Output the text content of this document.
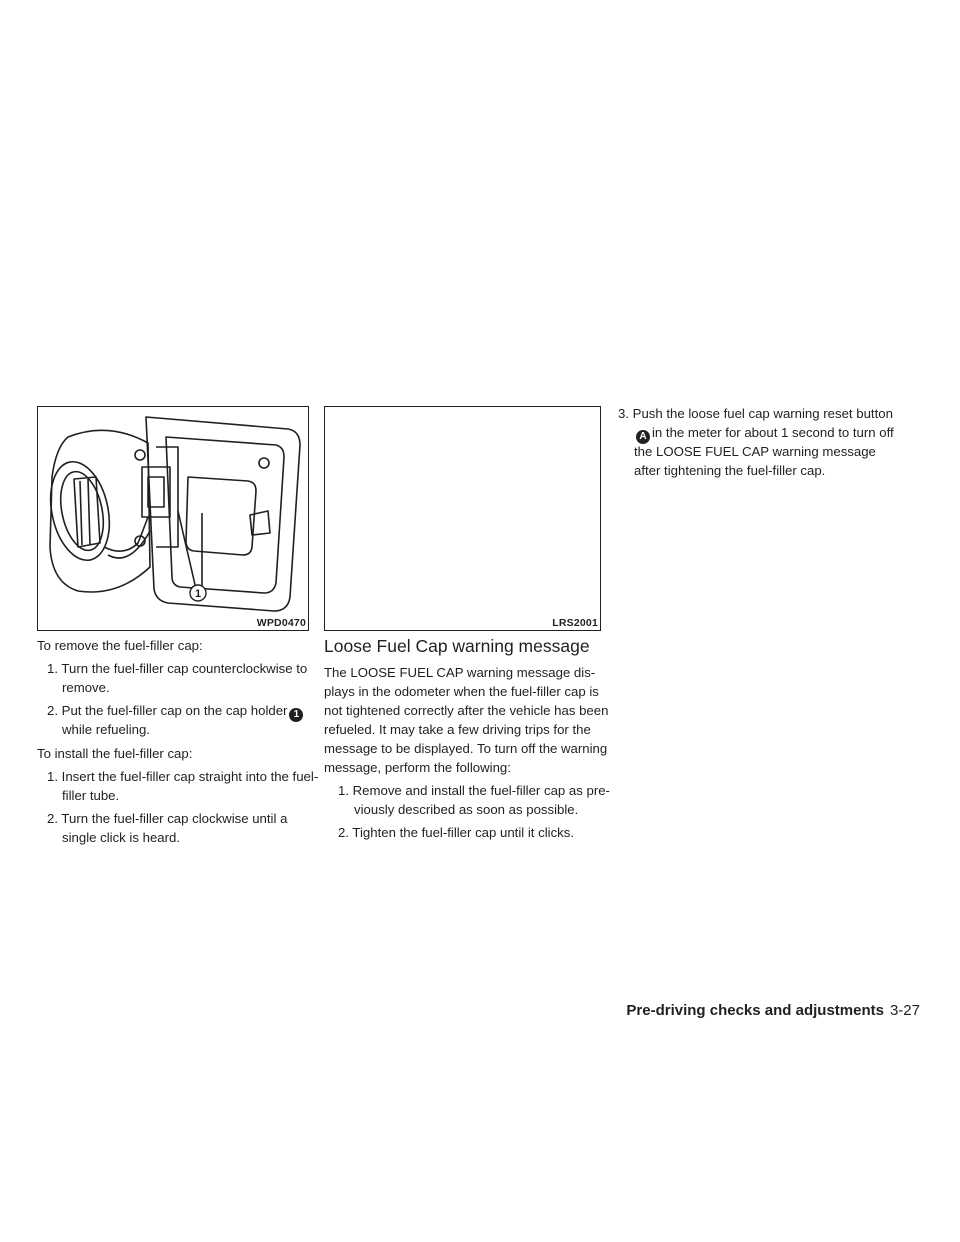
1
WPD0470	LRS2001
To remove the fuel-filler cap:
1. Turn the fuel-filler cap counterclockwise to
remove.
2. Put the fuel-filler cap on the cap holder 1
while refueling.
To install the fuel-filler cap:
1. Insert the fuel-filler cap straight into the fuel-
filler tube.
2. Turn the fuel-filler cap clockwise until a
single click is heard.
Loose Fuel Cap warning message
The LOOSE FUEL CAP warning message dis-
plays in the odometer when the fuel-filler cap is
not tightened correctly after the vehicle has been
refueled. It may take a few driving trips for the
message to be displayed. To turn off the warning
message, perform the following:
1. Remove and install the fuel-filler cap as pre-
viously described as soon as possible.
2. Tighten the fuel-filler cap until it clicks.
3. Push the loose fuel cap warning reset button
A in the meter for about 1 second to turn off
the LOOSE FUEL CAP warning message
after tightening the fuel-filler cap.
Pre-driving checks and adjustments 3-27
